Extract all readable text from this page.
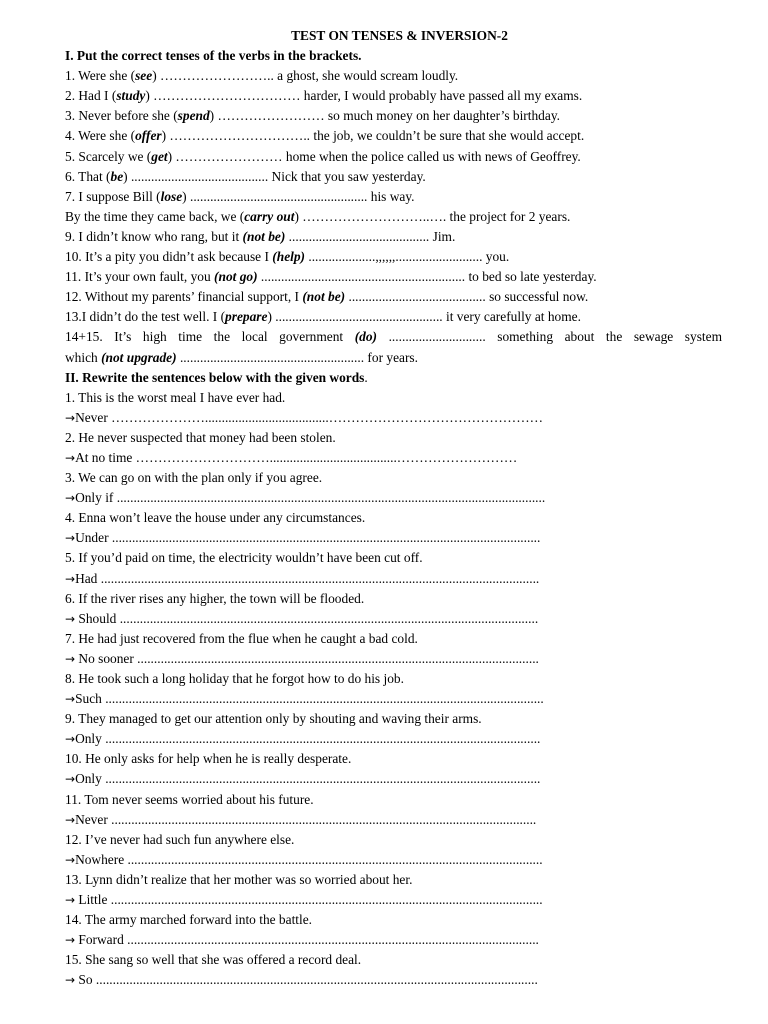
TEST ON TENSES & INVERSION-2
I. Put the correct tenses of the verbs in the brackets.
1. Were she (see) …………………….. a ghost, she would scream loudly.
2. Had I (study) …………………………… harder, I would probably have passed all my exams.
3. Never before she (spend) …………………… so much money on her daughter’s birthday.
4. Were she (offer) ………………………….. the job, we couldn’t be sure that she would accept.
5. Scarcely we (get) …………………… home when the police called us with news of Geoffrey.
6. That (be) ......................................... Nick that you saw yesterday.
7. I suppose Bill (lose) ..................................................... his way.
By the time they came back, we (carry out) ………………………..…. the project for 2 years.
9. I didn’t know who rang, but it (not be) .......................................... Jim.
10. It’s a pity you didn’t ask because I (help) ....................,,,,,,.......................... you.
11. It’s your own fault, you (not go) ............................................................. to bed so late yesterday.
12. Without my parents’ financial support, I (not be) ......................................... so successful now.
13.I didn’t do the test well. I (prepare) .................................................. it very carefully at home.
14+15. It’s high time the local government (do) ............................. something about the sewage system
which (not upgrade) ....................................................... for years.
II. Rewrite the sentences below with the given words.
1. This is the worst meal I have ever had.
→Never ………………….....................................…………………………………………
2. He never suspected that money had been stolen.
→At no time …………………………......................................………………………
3. We can go on with the plan only if you agree.
→Only if ................................................................................................................................
4. Enna won’t leave the house under any circumstances.
→Under ................................................................................................................................
5. If you’d paid on time, the electricity wouldn’t have been cut off.
→Had ...................................................................................................................................
6. If the river rises any higher, the town will be flooded.
→ Should .............................................................................................................................
7. He had just recovered from the flue when he caught a bad cold.
→ No sooner ........................................................................................................................
8. He took such a long holiday that he forgot how to do his job.
→Such ...................................................................................................................................
9. They managed to get our attention only by shouting and waving their arms.
→Only ..................................................................................................................................
10. He only asks for help when he is really desperate.
→Only ..................................................................................................................................
11. Tom never seems worried about his future.
→Never ...............................................................................................................................
12. I’ve never had such fun anywhere else.
→Nowhere ............................................................................................................................
13. Lynn didn’t realize that her mother was so worried about her.
→ Little .................................................................................................................................
14. The army marched forward into the battle.
→ Forward ...........................................................................................................................
15. She sang so well that she was offered a record deal.
→ So ....................................................................................................................................
